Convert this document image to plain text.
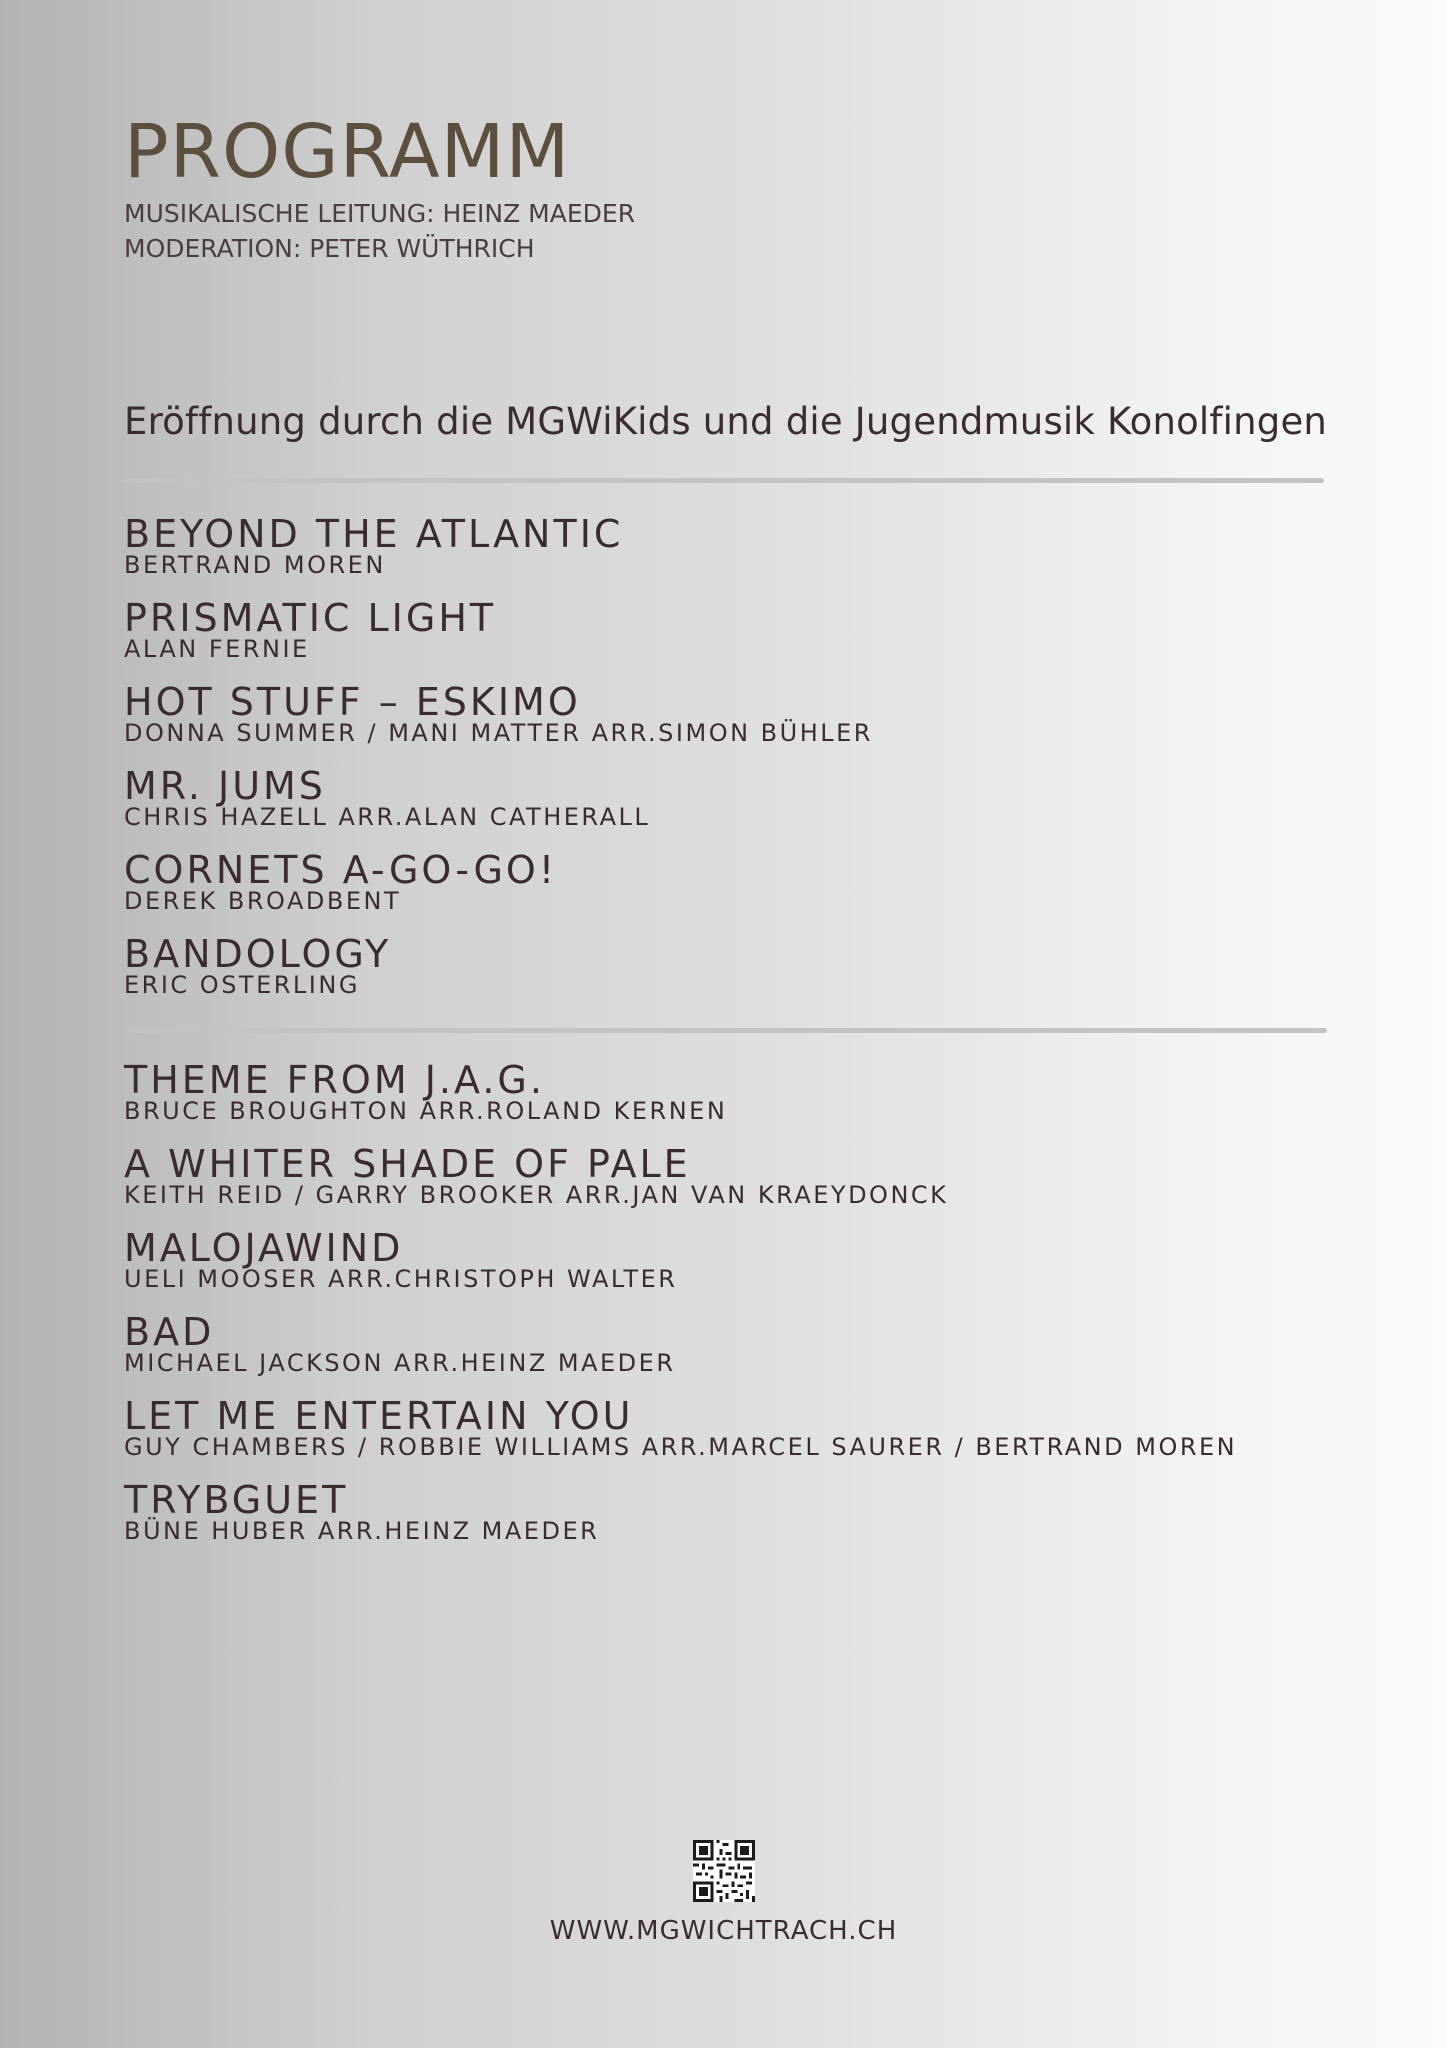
PROGRAMM

MUSIKALISCHE LEITUNG: HEINZ MAEDER

MODERATION: PETER WÜTHRICH

Eröffnung durch die MGWiKids und die Jugendmusik Konolfingen
BEYOND THE ATLANTIC
BERTRAND MOREN
PRISMATIC LIGHT
ALAN FERNIE
HOT STUFF – ESKIMO
DONNA SUMMER / MANI MATTER ARR.SIMON BÜHLER
MR. JUMS
CHRIS HAZELL ARR.ALAN CATHERALL
CORNETS A-GO-GO!
DEREK BROADBENT
BANDOLOGY
ERIC OSTERLING
THEME FROM J.A.G.
BRUCE BROUGHTON ARR.ROLAND KERNEN
A WHITER SHADE OF PALE
KEITH REID / GARRY BROOKER ARR.JAN VAN KRAEYDONCK
MALOJAWIND
UELI MOOSER ARR.CHRISTOPH WALTER
BAD
MICHAEL JACKSON ARR.HEINZ MAEDER
LET ME ENTERTAIN YOU
GUY CHAMBERS / ROBBIE WILLIAMS ARR.MARCEL SAURER / BERTRAND MOREN
TRYBGUET
BÜNE HUBER ARR.HEINZ MAEDER
WWW.MGWICHTRACH.CH
